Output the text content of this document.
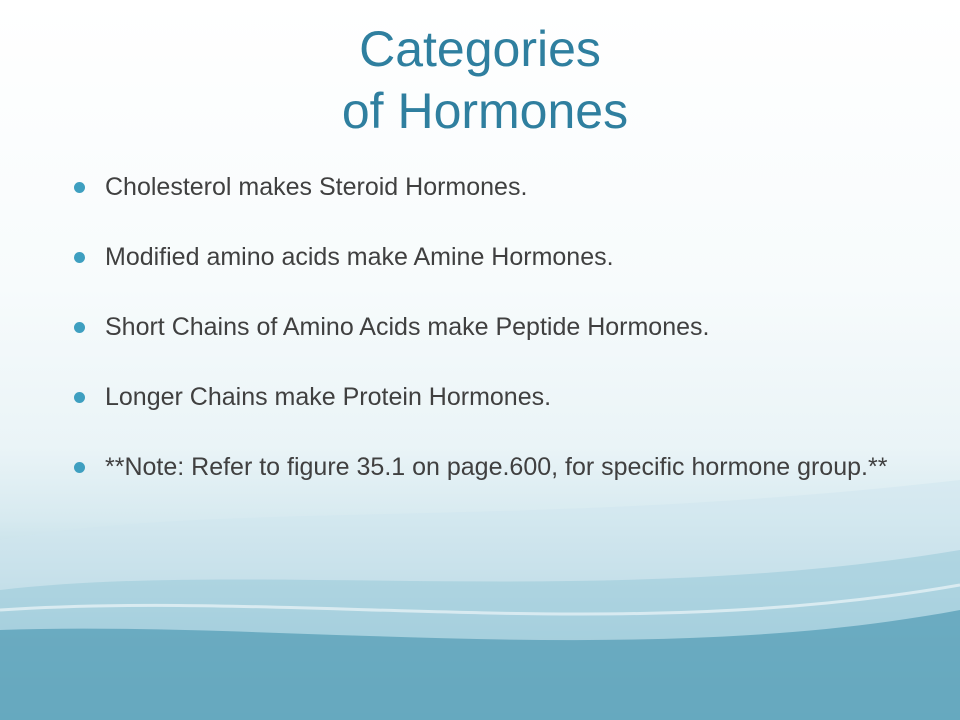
Categories
of Hormones
Cholesterol makes Steroid Hormones.
Modified amino acids make Amine Hormones.
Short Chains of Amino Acids make Peptide Hormones.
Longer Chains make Protein Hormones.
**Note: Refer to figure 35.1 on page.600, for specific hormone group.**
